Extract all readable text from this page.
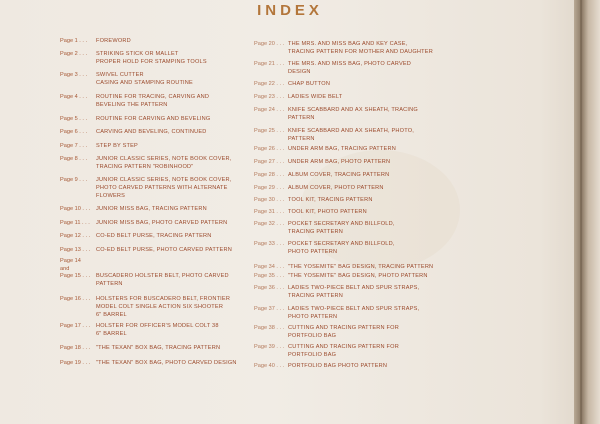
INDEX
Page 1 . . .	FOREWORD
Page 2 . . .	STRIKING STICK OR MALLET
PROPER HOLD FOR STAMPING TOOLS
Page 3 . . .	SWIVEL CUTTER
CASING AND STAMPING ROUTINE
Page 4 . . .	ROUTINE FOR TRACING, CARVING AND
BEVELING THE PATTERN
Page 5 . . .	ROUTINE FOR CARVING AND BEVELING
Page 6 . . .	CARVING AND BEVELING, CONTINUED
Page 7 . . .	STEP BY STEP
Page 8 . . .	JUNIOR CLASSIC SERIES, NOTE BOOK COVER,
TRACING PATTERN "ROBINHOOD"
Page 9 . . .	JUNIOR CLASSIC SERIES, NOTE BOOK COVER,
PHOTO CARVED PATTERNS WITH ALTERNATE
FLOWERS
Page 10 . . .	JUNIOR MISS BAG, TRACING PATTERN
Page 11 . . .	JUNIOR MISS BAG, PHOTO CARVED PATTERN
Page 12 . . .	CO-ED BELT PURSE, TRACING PATTERN
Page 13 . . .	CO-ED BELT PURSE, PHOTO CARVED PATTERN
Page 14
and
Page 15 . . .	BUSCADERO HOLSTER BELT, PHOTO CARVED
PATTERN
Page 16 . . .	HOLSTERS FOR BUSCADERO BELT, FRONTIER
MODEL COLT SINGLE ACTION SIX SHOOTER
6" BARREL
Page 17 . . .	HOLSTER FOR OFFICER'S MODEL COLT 38
6" BARREL
Page 18 . . .	"THE TEXAN" BOX BAG, TRACING PATTERN
Page 19 . . .	"THE TEXAN" BOX BAG, PHOTO CARVED DESIGN
Page 20 . . . THE MRS. AND MISS BAG AND KEY CASE,
TRACING PATTERN FOR MOTHER AND DAUGHTER
Page 21 . . . THE MRS. AND MISS BAG, PHOTO CARVED
DESIGN
Page 22 . . . CHAP BUTTON
Page 23 . . . LADIES WIDE BELT
Page 24 . . . KNIFE SCABBARD AND AX SHEATH, TRACING
PATTERN
Page 25 . . . KNIFE SCABBARD AND AX SHEATH, PHOTO,
PATTERN
Page 26 . . . UNDER ARM BAG, TRACING PATTERN
Page 27 . . . UNDER ARM BAG, PHOTO PATTERN
Page 28 . . . ALBUM COVER, TRACING PATTERN
Page 29 . . . ALBUM COVER, PHOTO PATTERN
Page 30 . . . TOOL KIT, TRACING PATTERN
Page 31 . . . TOOL KIT, PHOTO PATTERN
Page 32 . . . POCKET SECRETARY AND BILLFOLD,
TRACING PATTERN
Page 33 . . . POCKET SECRETARY AND BILLFOLD,
PHOTO PATTERN
Page 34 . . . "THE YOSEMITE" BAG DESIGN, TRACING PATTERN
Page 35 . . . "THE YOSEMITE" BAG DESIGN, PHOTO PATTERN
Page 36 . . . LADIES TWO-PIECE BELT AND SPUR STRAPS,
TRACING PATTERN
Page 37 . . . LADIES TWO-PIECE BELT AND SPUR STRAPS,
PHOTO PATTERN
Page 38 . . . CUTTING AND TRACING PATTERN FOR
PORTFOLIO BAG
Page 39 . . . CUTTING AND TRACING PATTERN FOR
PORTFOLIO BAG
Page 40 . . . PORTFOLIO BAG PHOTO PATTERN
